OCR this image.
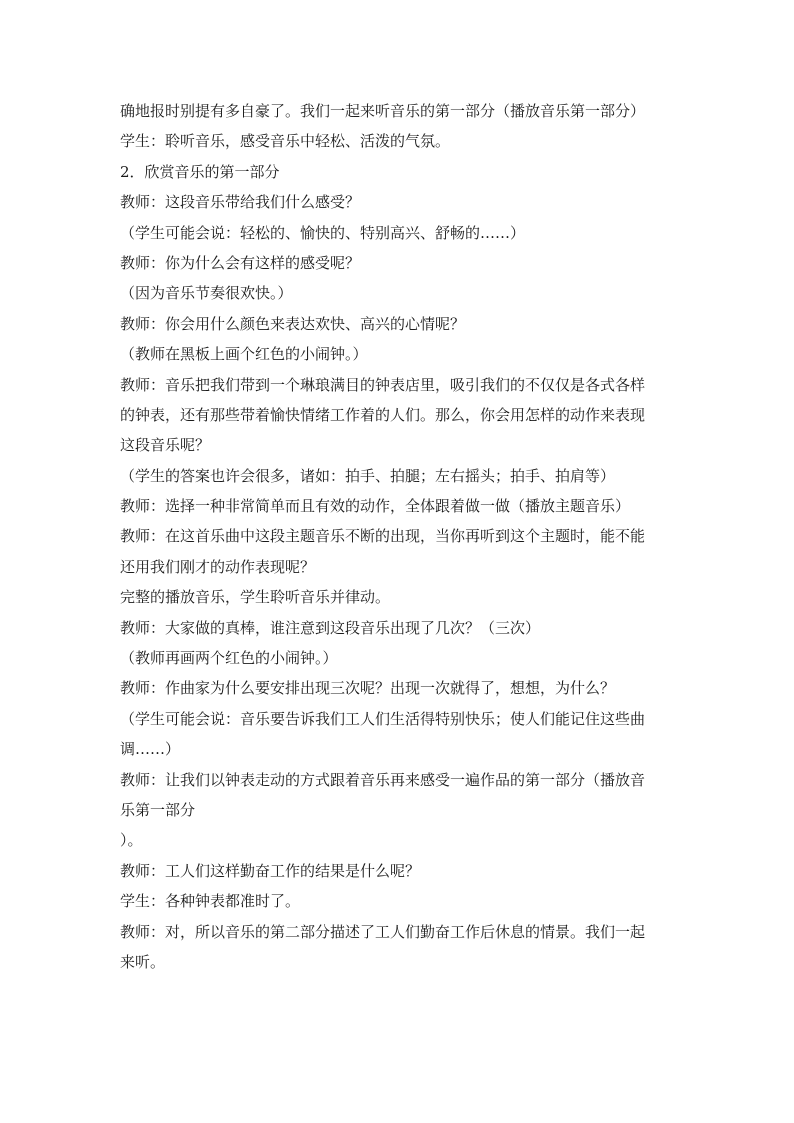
确地报时别提有多自豪了。我们一起来听音乐的第一部分（播放音乐第一部分）

学生：聆听音乐，感受音乐中轻松、活泼的气氛。

2．欣赏音乐的第一部分

教师：这段音乐带给我们什么感受？

（学生可能会说：轻松的、愉快的、特别高兴、舒畅的……）

教师：你为什么会有这样的感受呢？

（因为音乐节奏很欢快。）

教师：你会用什么颜色来表达欢快、高兴的心情呢？

（教师在黑板上画个红色的小闹钟。）

教师：音乐把我们带到一个琳琅满目的钟表店里，吸引我们的不仅仅是各式各样

的钟表，还有那些带着愉快情绪工作着的人们。那么，你会用怎样的动作来表现

这段音乐呢？

（学生的答案也许会很多，诸如：拍手、拍腿；左右摇头；拍手、拍肩等）

教师：选择一种非常简单而且有效的动作，全体跟着做一做（播放主题音乐）

教师：在这首乐曲中这段主题音乐不断的出现，当你再听到这个主题时，能不能

还用我们刚才的动作表现呢？

完整的播放音乐，学生聆听音乐并律动。

教师：大家做的真棒，谁注意到这段音乐出现了几次？（三次）

（教师再画两个红色的小闹钟。）

教师：作曲家为什么要安排出现三次呢？出现一次就得了，想想，为什么？

（学生可能会说：音乐要告诉我们工人们生活得特别快乐；使人们能记住这些曲

调……）

教师：让我们以钟表走动的方式跟着音乐再来感受一遍作品的第一部分（播放音

乐第一部分

）。

教师：工人们这样勤奋工作的结果是什么呢？

学生：各种钟表都准时了。

教师：对，所以音乐的第二部分描述了工人们勤奋工作后休息的情景。我们一起

来听。
